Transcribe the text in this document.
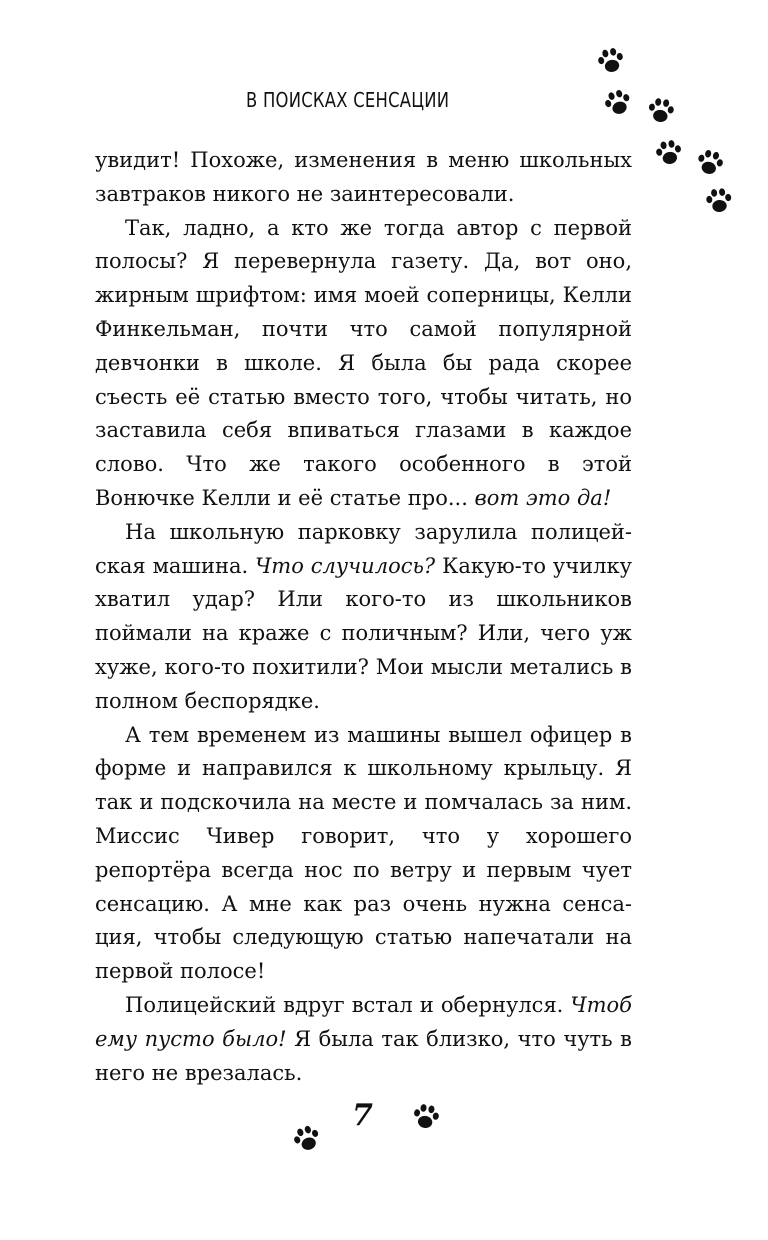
В ПОИСКАХ СЕНСАЦИИ

увидит! Похоже, изменения в меню школьных завтраков никого не заинтересовали.

Так, ладно, а кто же тогда автор с первой полосы? Я перевернула газету. Да, вот оно, жирным шрифтом: имя моей соперницы, Келли Финкельман, почти что самой популярной девчонки в школе. Я была бы рада скорее съесть её статью вместо того, чтобы читать, но заставила себя впиваться глазами в каждое слово. Что же такого особенного в этой Вонючке Келли и её статье про... вот это да!

На школьную парковку зарулила полицейская машина. Что случилось? Какую-то училку хватил удар? Или кого-то из школьников поймали на краже с поличным? Или, чего уж хуже, кого-то похитили? Мои мысли метались в полном беспорядке.

А тем временем из машины вышел офицер в форме и направился к школьному крыльцу. Я так и подскочила на месте и помчалась за ним. Миссис Чивер говорит, что у хорошего репортёра всегда нос по ветру и первым чует сенсацию. А мне как раз очень нужна сенсация, чтобы следующую статью напечатали на первой полосе!

Полицейский вдруг встал и обернулся. Чтоб ему пусто было! Я была так близко, что чуть в него не врезалась.

7
